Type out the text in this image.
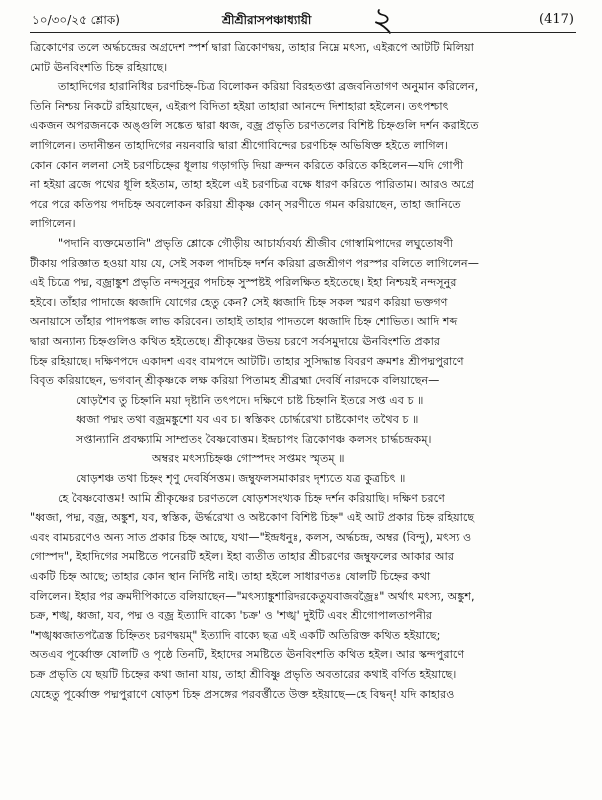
১০/৩০/২৫ শ্লোক)	শ্রীশ্রীরাসপঞ্চাধ্যায়ী ২	(417)
ত্রিকোণের তলে অর্দ্ধচন্দ্রের অগ্রদেশ স্পর্শ দ্বারা ত্রিকোণদ্বয়, তাহার নিম্নে মৎস্য, এইরূপে আটটি মিলিয়া
মোট ঊনবিংশতি চিহ্ন রহিয়াছে।
তাহাদিগের হারানিধির চরণচিহ্ন-চিত্র বিলোকন করিয়া বিরহতপ্তা ব্রজবনিতাগণ অনুমান করিলেন,
তিনি নিশ্চয় নিকটে রহিয়াছেন, এইরূপ বিদিতা হইয়া তাহারা আনন্দে দিশাহারা হইলেন। তৎপশ্চাৎ
একজন অপরজনকে অঙ্গুলি সঙ্কেত দ্বারা ধ্বজ, বজ্র প্রভৃতি চরণতলের বিশিষ্ট চিহ্নগুলি দর্শন করাইতে
লাগিলেন। তদানীন্তন তাহাদিগের নয়নবারি দ্বারা শ্রীগোবিন্দের চরণচিহ্ন অভিষিক্ত হইতে লাগিল।
কোন কোন ললনা সেই চরণচিহ্নের ধূলায় গড়াগড়ি দিয়া ক্রন্দন করিতে করিতে কহিলেন—যদি গোপী
না হইয়া ব্রজে পথের ধূলি হইতাম, তাহা হইলে এই চরণচিত্র বক্ষে ধারণ করিতে পারিতাম। আরও অগ্রে
পরে পরে কতিপয় পদচিহ্ন অবলোকন করিয়া শ্রীকৃষ্ণ কোন্ সরণীতে গমন করিয়াছেন, তাহা জানিতে
লাগিলেন।
"পদানি ব্যক্তমেতানি" প্রভৃতি শ্লোকে গৌড়ীয় আচার্য্যবর্য্য শ্রীজীব গোস্বামিপাদের লঘুতোষণী
টীকায় পরিজ্ঞাত হওয়া যায় যে, সেই সকল পাদচিহ্ন দর্শন করিয়া ব্রজশ্রীগণ পরস্পর বলিতে লাগিলেন—
এই চিত্রে পদ্ম, বজ্রাঙ্কুশ প্রভৃতি নন্দসূনুর পদচিহ্ন সুস্পষ্টই পরিলক্ষিত হইতেছে। ইহা নিশ্চয়ই নন্দসূনুর
হইবে। তাঁহার পাদাজে ধ্বজাদি যোগের হেতু কেন? সেই ধ্বজাদি চিহ্ন সকল স্মরণ করিয়া ভক্তগণ
অনায়াসে তাঁহার পাদপঙ্কজ লাভ করিবেন। তাহাই তাহার পাদতলে ধ্বজাদি চিহ্ন শোভিত। আদি শব্দ
দ্বারা অন্যান্য চিহ্নগুলিও কথিত হইতেছে। শ্রীকৃষ্ণের উভয় চরণে সর্বসমুদায়ে ঊনবিংশতি প্রকার
চিহ্ন রহিয়াছে। দক্ষিণপদে একাদশ এবং বামপদে আটটি। তাহার সুসিদ্ধান্ত বিবরণ ক্রমশঃ শ্রীপদ্মপুরাণে
বিবৃত করিয়াছেন, ভগবান্ শ্রীকৃষ্ণকে লক্ষ করিয়া পিতামহ শ্রীব্রহ্মা দেবর্ষি নারদকে বলিয়াছেন—
ষোড়শৈব তু চিহ্নানি ময়া দৃষ্টানি তৎপদে। দক্ষিণে চাষ্ট চিহ্নানি ইতরে সপ্ত এব চ ॥
ধ্বজা পদ্মং তথা বজ্রমঙ্কুশো যব এব চ। স্বস্তিকং চোর্দ্ধরেখা চাষ্টকোণং তথৈব চ ॥
সপ্তান্যানি প্রবক্ষ্যামি সাম্প্রতং বৈষ্ণবোত্তম। ইন্দ্রচাপং ত্রিকোণঞ্চ কলসং চার্দ্ধচন্দ্রকম্।
অম্বরং মৎস্যচিহ্নঞ্চ গোস্পদং সপ্তমং স্মৃতম্ ॥
ষোড়শঞ্চ তথা চিহ্নং শৃণু দেবর্ষিসত্তম। জম্বুফলসমাকারং দৃশ্যতে যত্র কুত্রচিৎ ॥
হে বৈষ্ণবোত্তম! আমি শ্রীকৃষ্ণের চরণতলে ষোড়শসংখ্যক চিহ্ন দর্শন করিয়াছি। দক্ষিণ চরণে
"ধ্বজা, পদ্ম, বজ্র, অঙ্কুশ, যব, স্বস্তিক, ঊর্দ্ধরেখা ও অষ্টকোণ বিশিষ্ট চিহ্ন" এই আট প্রকার চিহ্ন রহিয়াছে
এবং বামচরণেও অন্য সাত প্রকার চিহ্ন আছে, যথা—"ইন্দ্রধনুঃ, কলস, অর্দ্ধচন্দ্র, অম্বর (বিন্দু), মৎস্য ও
গোস্পদ", ইহাদিগের সমষ্টিতে পনেরটি হইল। ইহা ব্যতীত তাহার শ্রীচরণের জম্বুফলের আকার আর
একটি চিহ্ন আছে; তাহার কোন স্থান নির্দিষ্ট নাই। তাহা হইলে সাধারণতঃ ষোলটি চিহ্নের কথা
বলিলেন। ইহার পর ক্রমদীপিকাতে বলিয়াছেন—"মৎস্যাঙ্কুশারিদরকেতুযবাজবজ্রৈঃ" অর্থাৎ মৎস্য, অঙ্কুশ,
চক্র, শঙ্খ, ধ্বজা, যব, পদ্ম ও বজ্র ইত্যাদি বাক্যে 'চক্র' ও 'শঙ্খ' দুইটি এবং শ্রীগোপালতাপনীর
"শঙ্খধ্বজাতপত্রৈস্ত চিহ্নিতং চরণদ্বয়ম্" ইত্যাদি বাক্যে ছত্র এই একটি অতিরিক্ত কথিত হইয়াছে;
অতএব পূর্ব্বোক্ত ষোলটি ও পৃষ্ঠে তিনটি, ইহাদের সমষ্টিতে ঊনবিংশতি কথিত হইল। আর স্কন্দপুরাণে
চক্র প্রভৃতি যে ছয়টি চিহ্নের কথা জানা যায়, তাহা শ্রীবিষ্ণু প্রভৃতি অবতারের কথাই বর্ণিত হইয়াছে।
যেহেতু পূর্ব্বোক্ত পদ্মপুরাণে ষোড়শ চিহ্ন প্রসঙ্গের পরবর্ত্তীতে উক্ত হইয়াছে—হে বিদ্বন্! যদি কাহারও
